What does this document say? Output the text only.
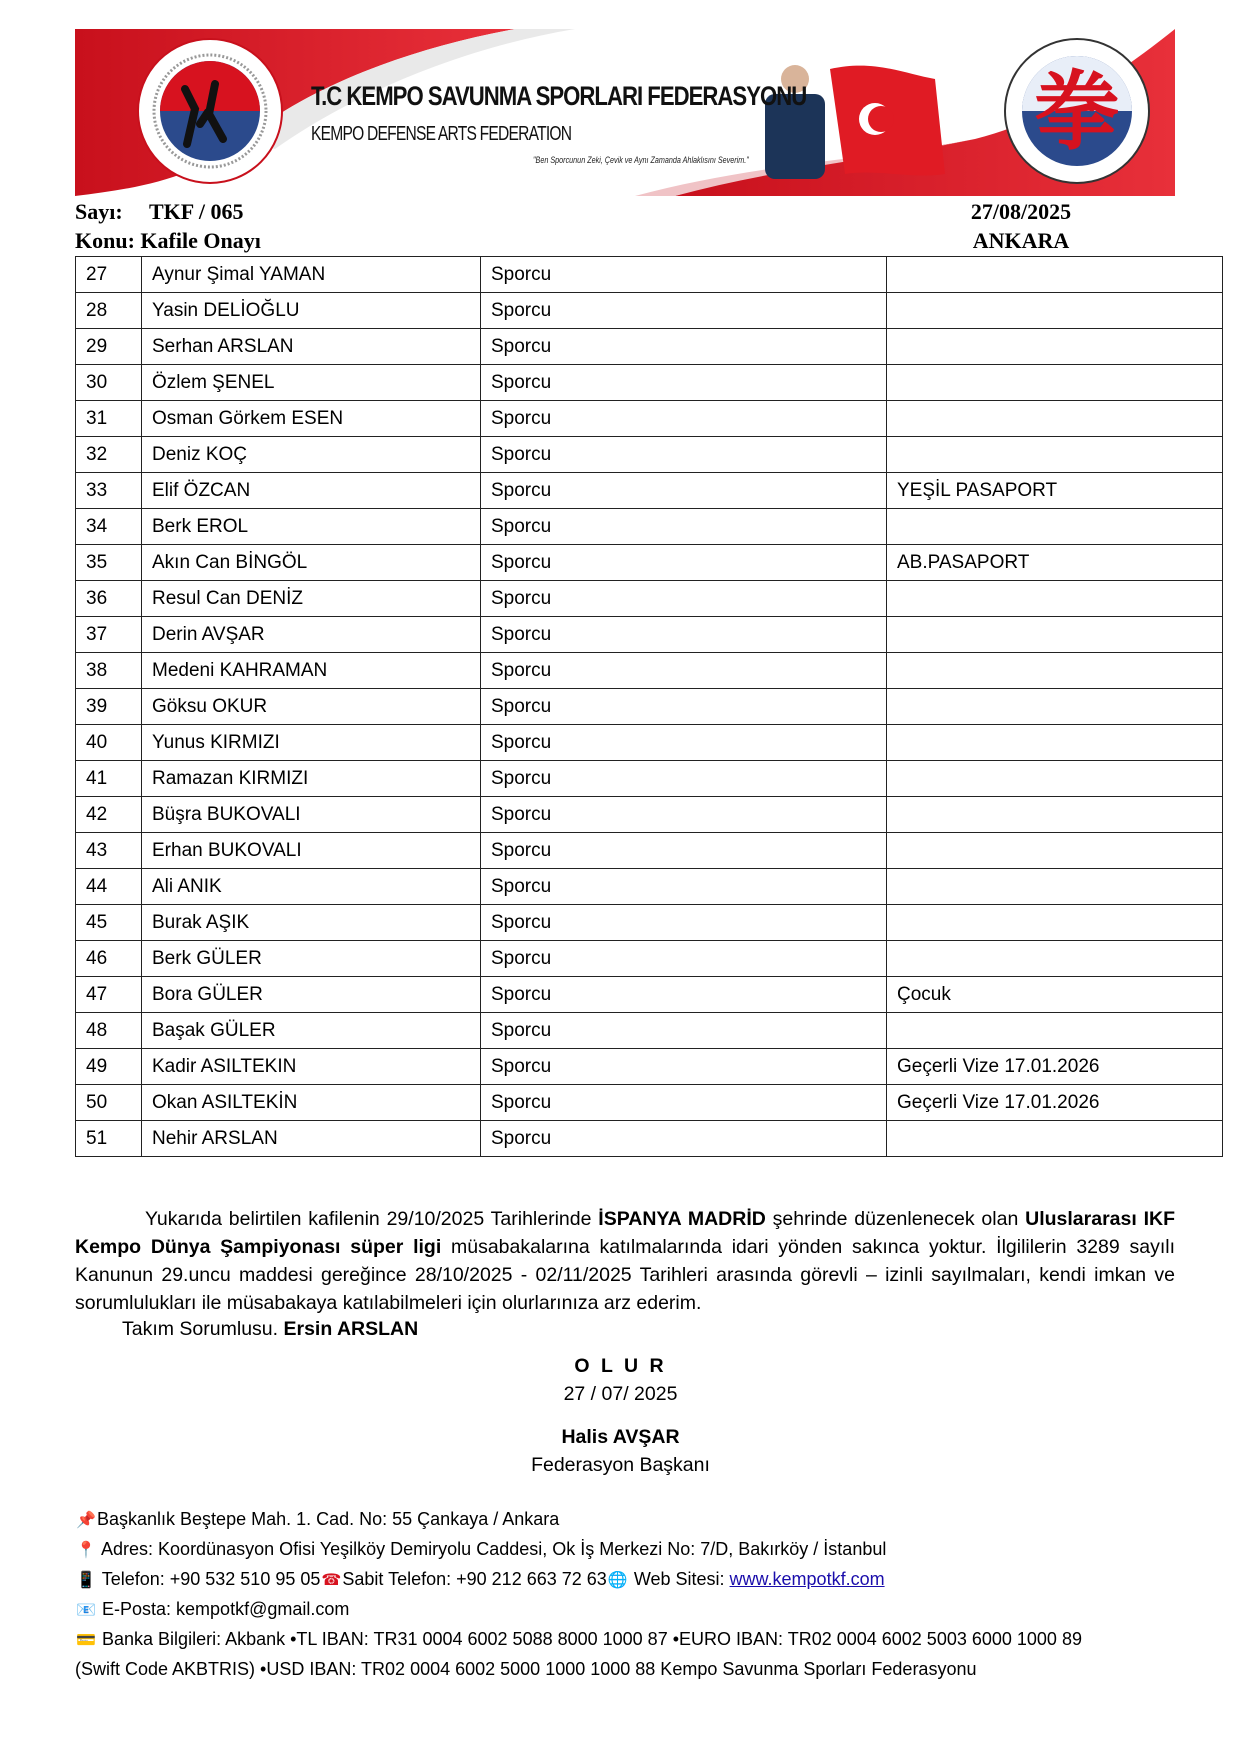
拳
T.C KEMPO SAVUNMA SPORLARI FEDERASYONU
KEMPO DEFENSE ARTS FEDERATION
"Ben Sporcunun Zeki, Çevik ve Aynı Zamanda Ahlaklısını Severim."
Sayı: TKF / 065
Konu: Kafile Onayı
27/08/2025
ANKARA
27	Aynur Şimal YAMAN	Sporcu	
28	Yasin DELİOĞLU	Sporcu	
29	Serhan ARSLAN	Sporcu	
30	Özlem ŞENEL	Sporcu	
31	Osman Görkem ESEN	Sporcu	
32	Deniz KOÇ	Sporcu	
33	Elif ÖZCAN	Sporcu	YEŞİL PASAPORT
34	Berk EROL	Sporcu	
35	Akın Can BİNGÖL	Sporcu	AB.PASAPORT
36	Resul Can DENİZ	Sporcu	
37	Derin AVŞAR	Sporcu	
38	Medeni KAHRAMAN	Sporcu	
39	Göksu OKUR	Sporcu	
40	Yunus KIRMIZI	Sporcu	
41	Ramazan KIRMIZI	Sporcu	
42	Büşra BUKOVALI	Sporcu	
43	Erhan BUKOVALI	Sporcu	
44	Ali ANIK	Sporcu	
45	Burak AŞIK	Sporcu	
46	Berk GÜLER	Sporcu	
47	Bora GÜLER	Sporcu	Çocuk
48	Başak GÜLER	Sporcu	
49	Kadir ASILTEKIN	Sporcu	Geçerli Vize 17.01.2026
50	Okan ASILTEKİN	Sporcu	Geçerli Vize 17.01.2026
51	Nehir ARSLAN	Sporcu	
Yukarıda belirtilen kafilenin 29/10/2025 Tarihlerinde İSPANYA MADRİD şehrinde düzenlenecek olan Uluslararası IKF Kempo Dünya Şampiyonası süper ligi müsabakalarına katılmalarında idari yönden sakınca yoktur. İlgililerin 3289 sayılı Kanunun 29.uncu maddesi gereğince 28/10/2025 - 02/11/2025 Tarihleri arasında görevli – izinli sayılmaları, kendi imkan ve sorumlulukları ile müsabakaya katılabilmeleri için olurlarınıza arz ederim.
Takım Sorumlusu. Ersin ARSLAN
O L U R
27 / 07/ 2025
Halis AVŞAR
Federasyon Başkanı
📌Başkanlık Beştepe Mah. 1. Cad. No: 55 Çankaya / Ankara
📍 Adres: Koordünasyon Ofisi Yeşilköy Demiryolu Caddesi, Ok İş Merkezi No: 7/D, Bakırköy / İstanbul
📱 Telefon: +90 532 510 95 05☎Sabit Telefon: +90 212 663 72 63🌐 Web Sitesi: www.kempotkf.com
📧 E-Posta: kempotkf@gmail.com
💳 Banka Bilgileri: Akbank •TL IBAN: TR31 0004 6002 5088 8000 1000 87 •EURO IBAN: TR02 0004 6002 5003 6000 1000 89
(Swift Code AKBTRIS) •USD IBAN: TR02 0004 6002 5000 1000 1000 88 Kempo Savunma Sporları Federasyonu
